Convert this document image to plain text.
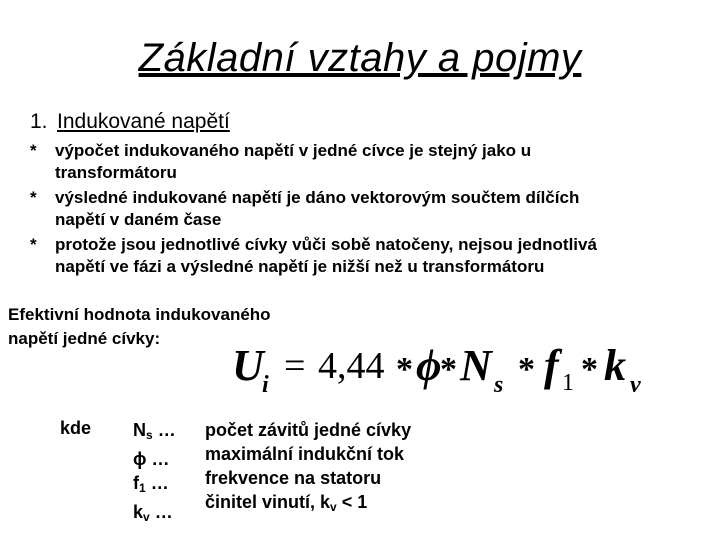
Základní vztahy a pojmy
1. Indukované napětí
* výpočet indukovaného napětí v jedné cívce je stejný jako u
transformátoru
* výsledné indukované napětí je dáno vektorovým součtem dílčích
napětí v daném čase
* protože jsou jednotlivé cívky vůči sobě natočeny, nejsou jednotlivá
napětí ve fázi a výsledné napětí je nižší než u transformátoru
Efektivní hodnota indukovaného
napětí jedné cívky:
U
i = 4,44 * ϕ
* N s * f 1 * k v
kde $N_s$ …
ϕ …
$f_1$ …
$k_v$ …
počet závitů jedné cívky
maximální indukční tok
frekvence na statoru
činitel vinutí, $k_v < 1$
